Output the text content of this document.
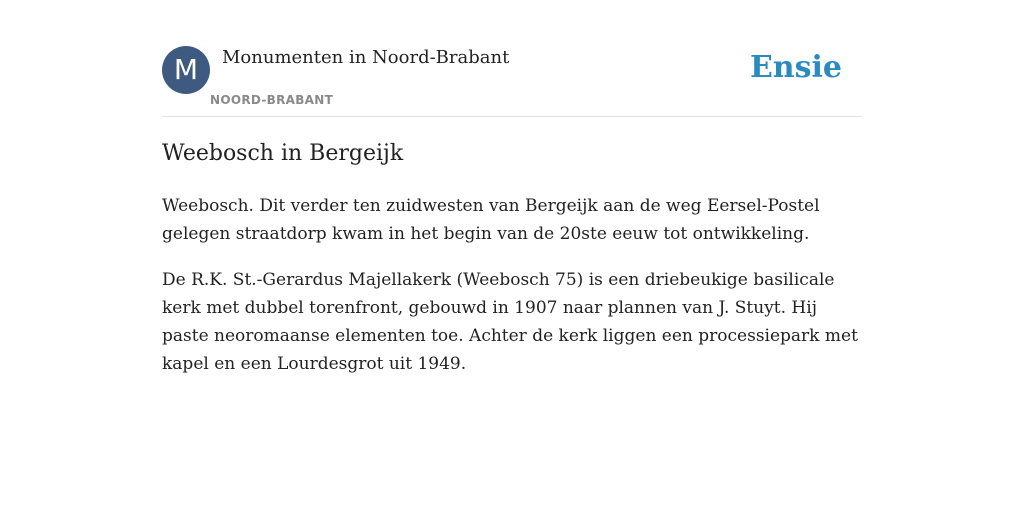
M	Monumenten in Noord-Brabant
NOORD-BRABANT
Ensie
Weebosch in Bergeijk

Weebosch. Dit verder ten zuidwesten van Bergeijk aan de weg Eersel-Postel gelegen straatdorp kwam in het begin van de 20ste eeuw tot ontwikkeling.

De R.K. St.-Gerardus Majellakerk (Weebosch 75) is een driebeukige basilicale kerk met dubbel torenfront, gebouwd in 1907 naar plannen van J. Stuyt. Hij paste neoromaanse elementen toe. Achter de kerk liggen een processiepark met kapel en een Lourdesgrot uit 1949.
